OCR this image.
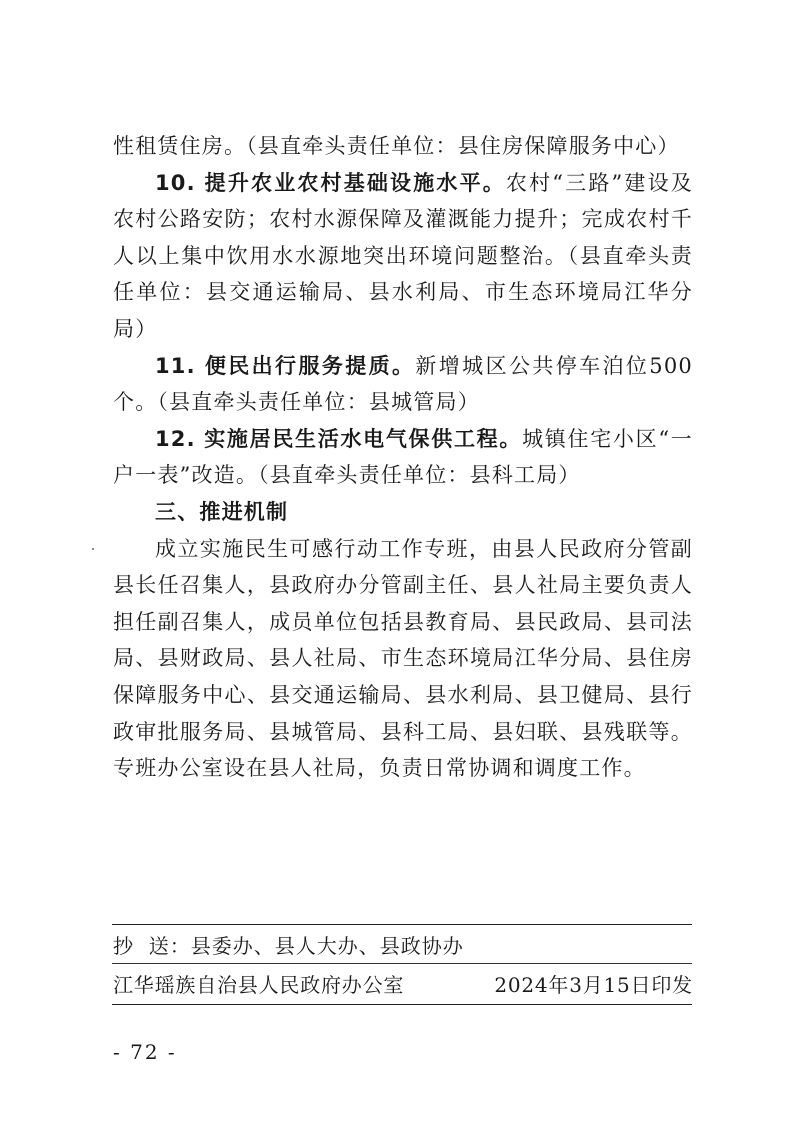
性租赁住房。（县直牵头责任单位：县住房保障服务中心）

10. 提升农业农村基础设施水平。农村“三路”建设及农村公路安防；农村水源保障及灌溉能力提升；完成农村千人以上集中饮用水水源地突出环境问题整治。（县直牵头责任单位：县交通运输局、县水利局、市生态环境局江华分局）

11. 便民出行服务提质。新增城区公共停车泊位500个。（县直牵头责任单位：县城管局）

12. 实施居民生活水电气保供工程。城镇住宅小区“一户一表”改造。（县直牵头责任单位：县科工局）

三、推进机制

成立实施民生可感行动工作专班，由县人民政府分管副县长任召集人，县政府办分管副主任、县人社局主要负责人担任副召集人，成员单位包括县教育局、县民政局、县司法局、县财政局、县人社局、市生态环境局江华分局、县住房保障服务中心、县交通运输局、县水利局、县卫健局、县行政审批服务局、县城管局、县科工局、县妇联、县残联等。专班办公室设在县人社局，负责日常协调和调度工作。

抄  送：县委办、县人大办、县政协办
江华瑶族自治县人民政府办公室	2024年3月15日印发
- 72 -
